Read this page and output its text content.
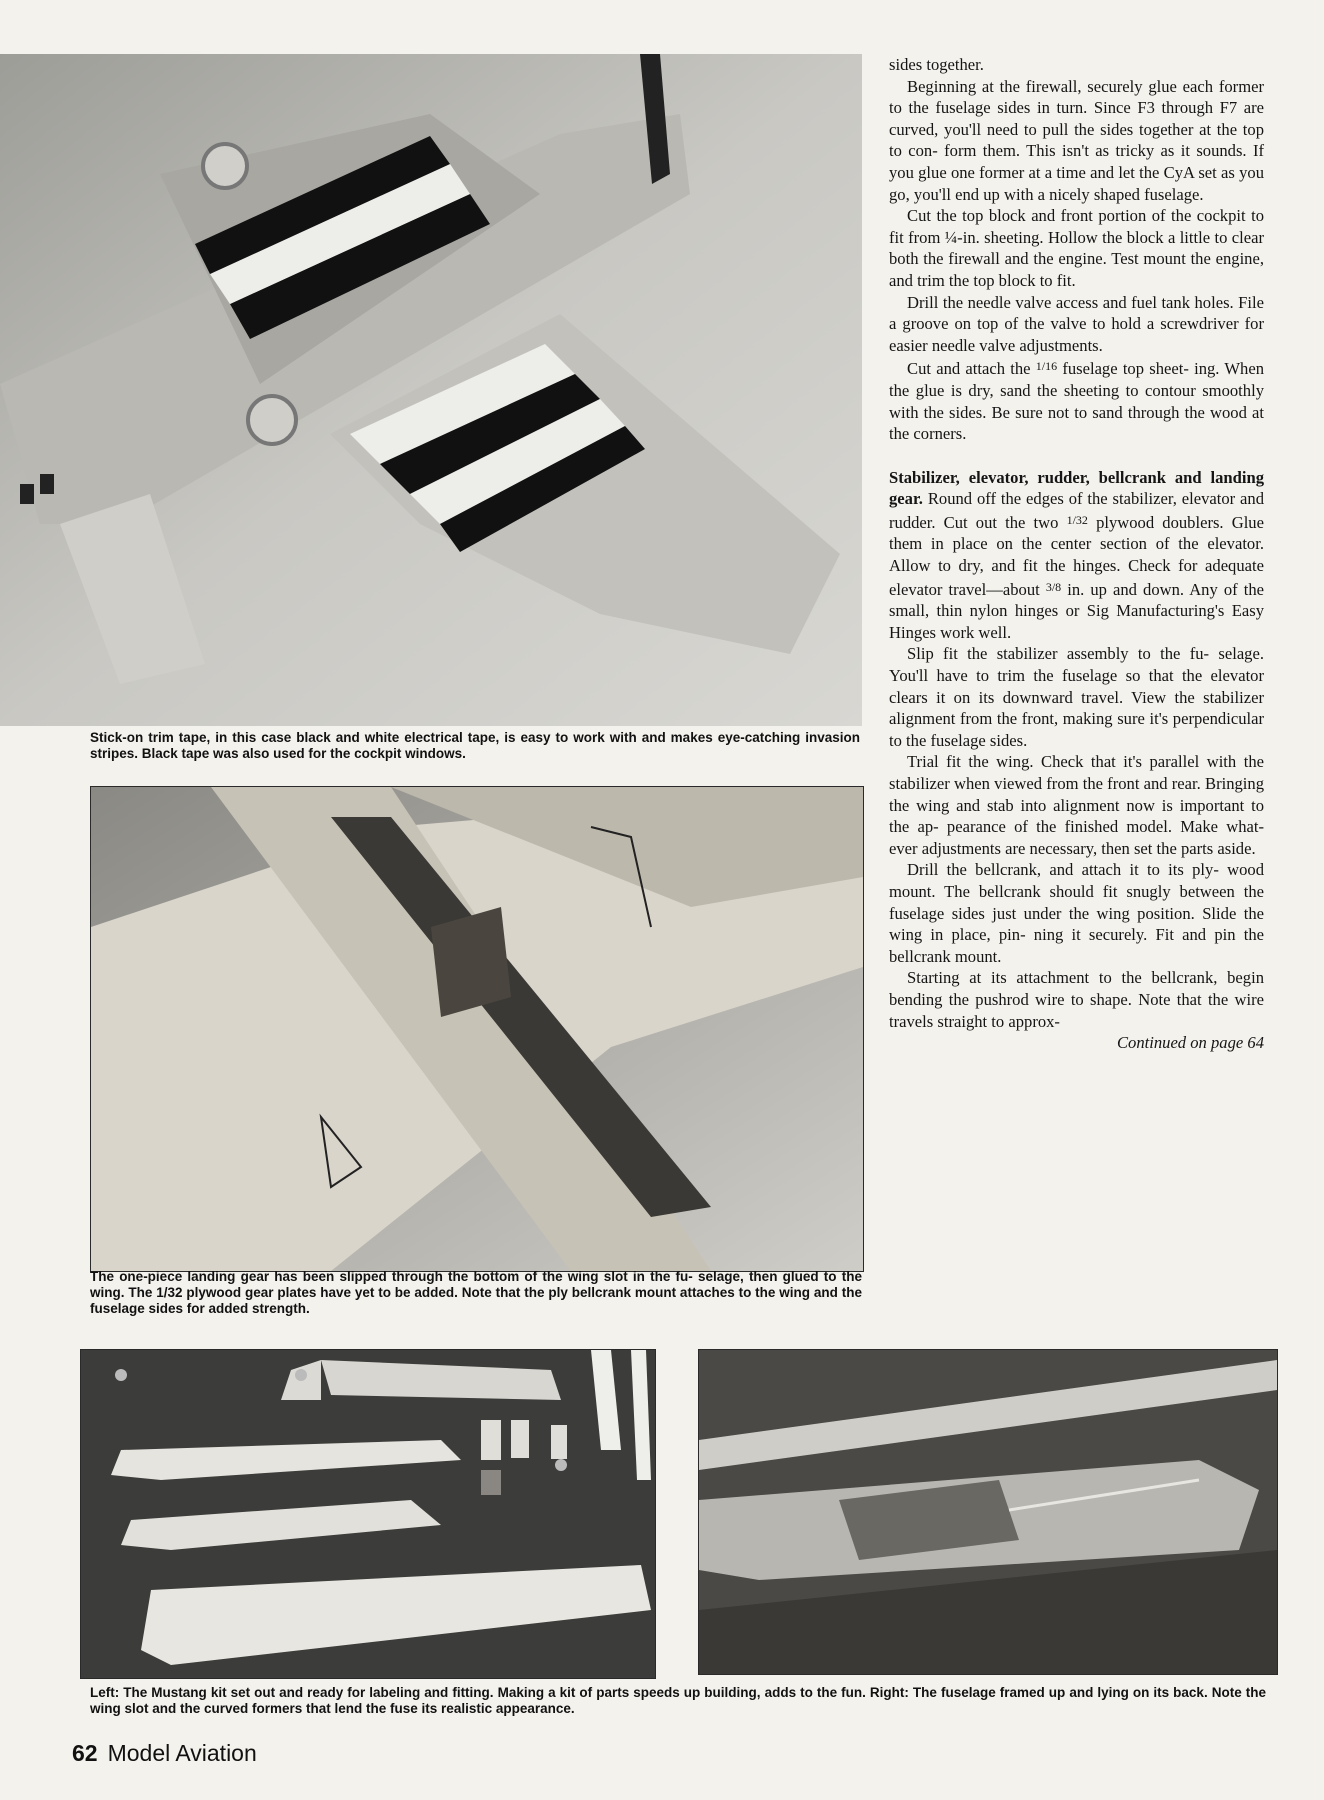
Stick-on trim tape, in this case black and white electrical tape, is easy to work with and makes eye-catching invasion stripes. Black tape was also used for the cockpit windows.
The one-piece landing gear has been slipped through the bottom of the wing slot in the fu- selage, then glued to the wing. The 1/32 plywood gear plates have yet to be added. Note that the ply bellcrank mount attaches to the wing and the fuselage sides for added strength.
Left: The Mustang kit set out and ready for labeling and fitting. Making a kit of parts speeds up building, adds to the fun. Right: The fuselage framed up and lying on its back. Note the wing slot and the curved formers that lend the fuse its realistic appearance.

sides together.

Beginning at the firewall, securely glue each former to the fuselage sides in turn. Since F3 through F7 are curved, you'll need to pull the sides together at the top to con- form them. This isn't as tricky as it sounds. If you glue one former at a time and let the CyA set as you go, you'll end up with a nicely shaped fuselage.

Cut the top block and front portion of the cockpit to fit from ¼-in. sheeting. Hollow the block a little to clear both the firewall and the engine. Test mount the engine, and trim the top block to fit.

Drill the needle valve access and fuel tank holes. File a groove on top of the valve to hold a screwdriver for easier needle valve adjustments.

Cut and attach the $^{1/16}$ fuselage top sheet- ing. When the glue is dry, sand the sheeting to contour smoothly with the sides. Be sure not to sand through the wood at the corners.

Stabilizer, elevator, rudder, bellcrank and landing gear. Round off the edges of the stabilizer, elevator and rudder. Cut out the two $^{1/32}$ plywood doublers. Glue them in place on the center section of the elevator. Allow to dry, and fit the hinges. Check for adequate elevator travel—about $^{3/8}$ in. up and down. Any of the small, thin nylon hinges or Sig Manufacturing's Easy Hinges work well.

Slip fit the stabilizer assembly to the fu- selage. You'll have to trim the fuselage so that the elevator clears it on its downward travel. View the stabilizer alignment from the front, making sure it's perpendicular to the fuselage sides.

Trial fit the wing. Check that it's parallel with the stabilizer when viewed from the front and rear. Bringing the wing and stab into alignment now is important to the ap- pearance of the finished model. Make what- ever adjustments are necessary, then set the parts aside.

Drill the bellcrank, and attach it to its ply- wood mount. The bellcrank should fit snugly between the fuselage sides just under the wing position. Slide the wing in place, pin- ning it securely. Fit and pin the bellcrank mount.

Starting at its attachment to the bellcrank, begin bending the pushrod wire to shape. Note that the wire travels straight to approx-

Continued on page 64

62 Model Aviation
